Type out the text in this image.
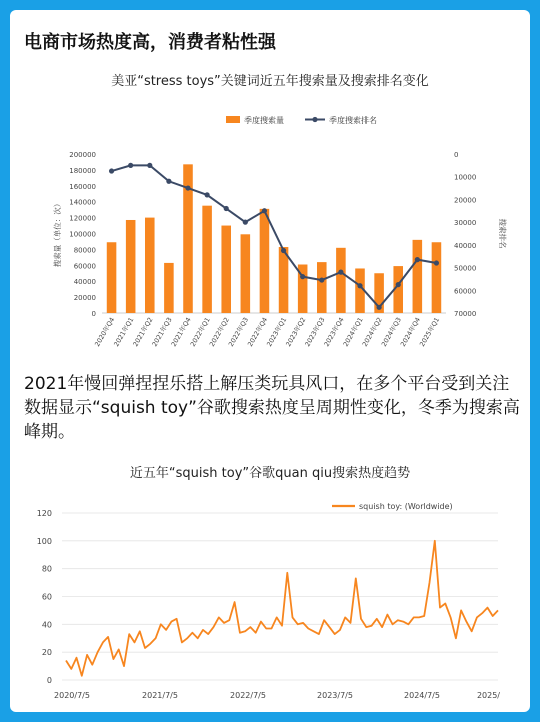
电商市场热度高，消费者粘性强
美亚“stress toys”关键词近五年搜索量及搜索排名变化
季度搜索量	季度搜索排名
0
20000
40000
60000
80000
100000
120000
140000
160000
180000
200000	0
10000
20000
30000
40000
50000
60000
70000
搜索量（单位：次）	搜索排名
2020年Q4
2021年Q1
2021年Q2
2021年Q3
2021年Q4
2022年Q1
2022年Q2
2022年Q3
2022年Q4
2023年Q1
2023年Q2
2023年Q3
2023年Q4
2024年Q1
2024年Q2
2024年Q3
2024年Q4
2025年Q1
2021年慢回弹捏捏乐搭上解压类玩具风口，在多个平台受到关注数据显示“squish toy”谷歌搜索热度呈周期性变化，冬季为搜索高峰期。
近五年“squish toy”谷歌quan qiu搜索热度趋势
squish toy: (Worldwide)
0
20
40
60
80
100
120
2020/7/5	2021/7/5	2022/7/5	2023/7/5	2024/7/5	2025/
